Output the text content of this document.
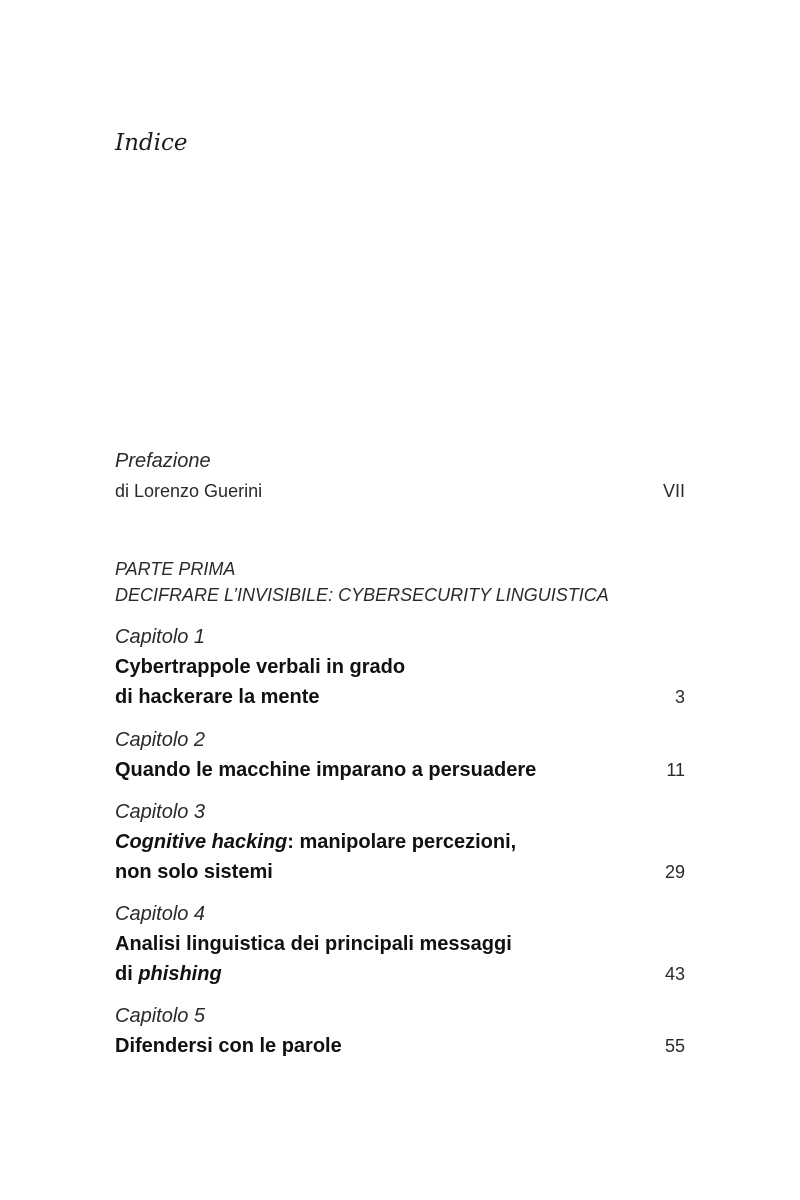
Indice
Prefazione
di Lorenzo Guerini	VII
PARTE PRIMA
DECIFRARE L’INVISIBILE: CYBERSECURITY LINGUISTICA
Capitolo 1
Cybertrappole verbali in grado
di hackerare la mente	3
Capitolo 2
Quando le macchine imparano a persuadere	11
Capitolo 3
Cognitive hacking: manipolare percezioni,
non solo sistemi	29
Capitolo 4
Analisi linguistica dei principali messaggi
di phishing	43
Capitolo 5
Difendersi con le parole	55
